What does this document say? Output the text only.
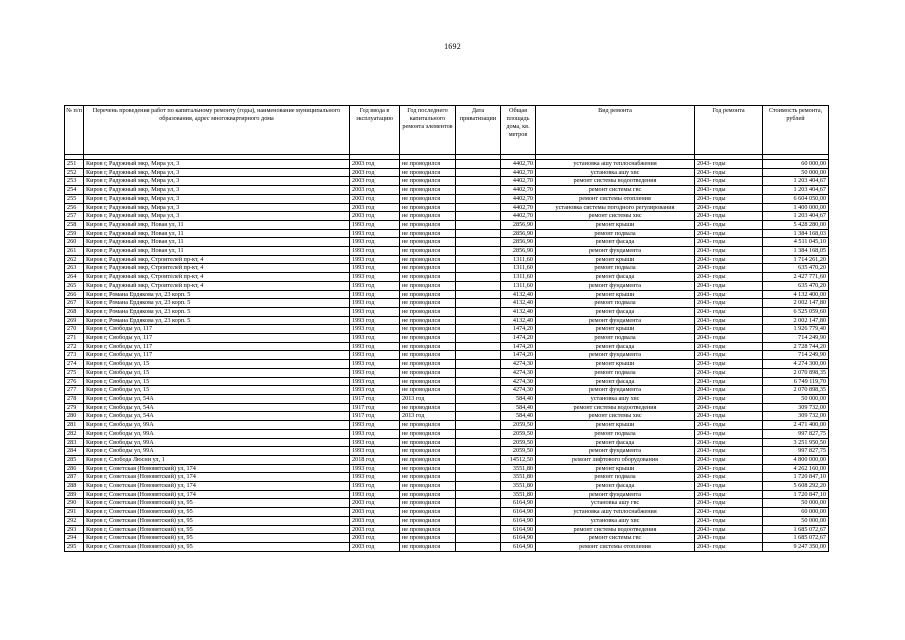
1692
№ п/п	Перечень проведения работ по капитальному ремонту (годы), наименование муниципального образования, адрес многоквартирного дома	Год ввода в эксплуатацию	Год последнего капитального ремонта элементов	Дата приватизации	Общая площадь дома, кв. метров	Вид ремонта	Год ремонта	Стоимость ремонта, рублей

251	Киров г, Радужный мкр, Мира ул, 3	2003 год	не проводился		4402,70	установка ашу теплоснабжения	2043- годы	60 000,00
252	Киров г, Радужный мкр, Мира ул, 3	2003 год	не проводился		4402,70	установка ашу хвс	2043- годы	50 000,00
253	Киров г, Радужный мкр, Мира ул, 3	2003 год	не проводился		4402,70	ремонт системы водоотведения	2043- годы	1 203 404,67
254	Киров г, Радужный мкр, Мира ул, 3	2003 год	не проводился		4402,70	ремонт системы гвс	2043- годы	1 203 404,67
255	Киров г, Радужный мкр, Мира ул, 3	2003 год	не проводился		4402,70	ремонт системы отопления	2043- годы	6 604 050,00
256	Киров г, Радужный мкр, Мира ул, 3	2003 год	не проводился		4402,70	установка системы погодного регулирования	2043- годы	1 400 000,00
257	Киров г, Радужный мкр, Мира ул, 3	2003 год	не проводился		4402,70	ремонт системы хвс	2043- годы	1 203 404,67
258	Киров г, Радужный мкр, Новая ул, 11	1993 год	не проводился		2856,90	ремонт крыши	2043- годы	5 428 280,00
259	Киров г, Радужный мкр, Новая ул, 11	1993 год	не проводился		2856,90	ремонт подвала	2043- годы	1 384 168,03
260	Киров г, Радужный мкр, Новая ул, 11	1993 год	не проводился		2856,90	ремонт фасада	2043- годы	4 511 045,10
261	Киров г, Радужный мкр, Новая ул, 11	1993 год	не проводился		2856,90	ремонт фундамента	2043- годы	1 384 168,05
262	Киров г, Радужный мкр, Строителей пр-кт, 4	1993 год	не проводился		1311,60	ремонт крыши	2043- годы	1 714 261,20
263	Киров г, Радужный мкр, Строителей пр-кт, 4	1993 год	не проводился		1311,60	ремонт подвала	2043- годы	635 470,20
264	Киров г, Радужный мкр, Строителей пр-кт, 4	1993 год	не проводился		1311,60	ремонт фасада	2043- годы	2 427 771,60
265	Киров г, Радужный мкр, Строителей пр-кт, 4	1993 год	не проводился		1311,60	ремонт фундамента	2043- годы	635 470,20
266	Киров г, Романа Ердякова ул, 23 корп. 5	1993 год	не проводился		4132,40	ремонт крыши	2043- годы	4 132 400,00
267	Киров г, Романа Ердякова ул, 23 корп. 5	1993 год	не проводился		4132,40	ремонт подвала	2043- годы	2 002 147,80
268	Киров г, Романа Ердякова ул, 23 корп. 5	1993 год	не проводился		4132,40	ремонт фасада	2043- годы	6 525 059,60
269	Киров г, Романа Ердякова ул, 23 корп. 5	1993 год	не проводился		4132,40	ремонт фундамента	2043- годы	2 002 147,80
270	Киров г, Свободы ул, 117	1993 год	не проводился		1474,20	ремонт крыши	2043- годы	1 926 779,40
271	Киров г, Свободы ул, 117	1993 год	не проводился		1474,20	ремонт подвала	2043- годы	714 249,90
272	Киров г, Свободы ул, 117	1993 год	не проводился		1474,20	ремонт фасада	2043- годы	2 728 744,20
273	Киров г, Свободы ул, 117	1993 год	не проводился		1474,20	ремонт фундамента	2043- годы	714 249,90
274	Киров г, Свободы ул, 15	1993 год	не проводился		4274,30	ремонт крыши	2043- годы	4 274 300,00
275	Киров г, Свободы ул, 15	1993 год	не проводился		4274,30	ремонт подвала	2043- годы	2 070 898,35
276	Киров г, Свободы ул, 15	1993 год	не проводился		4274,30	ремонт фасада	2043- годы	6 749 119,70
277	Киров г, Свободы ул, 15	1993 год	не проводился		4274,30	ремонт фундамента	2043- годы	2 070 898,35
278	Киров г, Свободы ул, 54А	1917 год	2013 год		584,40	установка ашу хвс	2043- годы	50 000,00
279	Киров г, Свободы ул, 54А	1917 год	не проводился		584,40	ремонт системы водоотведения	2043- годы	309 732,00
280	Киров г, Свободы ул, 54А	1917 год	2013 год		584,40	ремонт системы хвс	2043- годы	309 732,00
281	Киров г, Свободы ул, 99А	1993 год	не проводился		2059,50	ремонт крыши	2043- годы	2 471 400,00
282	Киров г, Свободы ул, 99А	1993 год	не проводился		2059,50	ремонт подвала	2043- годы	997 827,75
283	Киров г, Свободы ул, 99А	1993 год	не проводился		2059,50	ремонт фасада	2043- годы	3 251 950,50
284	Киров г, Свободы ул, 99А	1993 год	не проводился		2059,50	ремонт фундамента	2043- годы	997 827,75
285	Киров г, Слобода Люсни ул, 1	2018 год	не проводился		14512,50	ремонт лифтового оборудования	2043- годы	4 800 000,00
286	Киров г, Советская (Нововятский) ул, 174	1993 год	не проводился		3551,80	ремонт крыши	2043- годы	4 262 160,00
287	Киров г, Советская (Нововятский) ул, 174	1993 год	не проводился		3551,80	ремонт подвала	2043- годы	1 720 847,10
288	Киров г, Советская (Нововятский) ул, 174	1993 год	не проводился		3551,80	ремонт фасада	2043- годы	5 608 292,20
289	Киров г, Советская (Нововятский) ул, 174	1993 год	не проводился		3551,80	ремонт фундамента	2043- годы	1 720 847,10
290	Киров г, Советская (Нововятский) ул, 95	2003 год	не проводился		6164,90	установка ашу гвс	2043- годы	50 000,00
291	Киров г, Советская (Нововятский) ул, 95	2003 год	не проводился		6164,90	установка ашу теплоснабжения	2043- годы	60 000,00
292	Киров г, Советская (Нововятский) ул, 95	2003 год	не проводился		6164,90	установка ашу хвс	2043- годы	50 000,00
293	Киров г, Советская (Нововятский) ул, 95	2003 год	не проводился		6164,90	ремонт системы водоотведения	2043- годы	1 685 072,67
294	Киров г, Советская (Нововятский) ул, 95	2003 год	не проводился		6164,90	ремонт системы гвс	2043- годы	1 685 072,67
295	Киров г, Советская (Нововятский) ул, 95	2003 год	не проводился		6164,90	ремонт системы отопления	2043- годы	9 247 350,00
